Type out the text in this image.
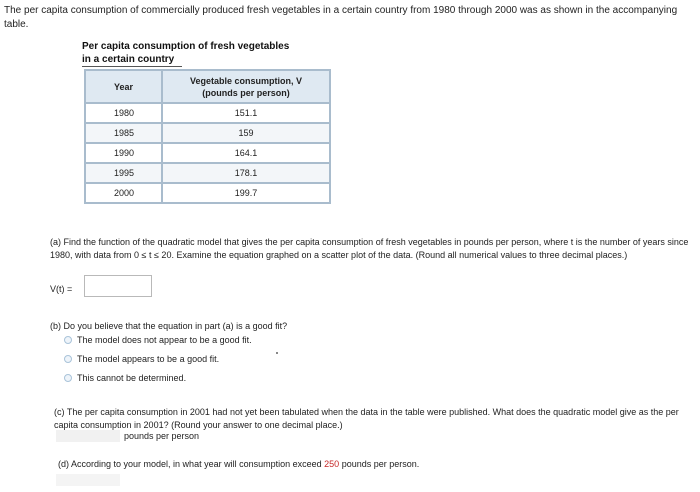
The per capita consumption of commercially produced fresh vegetables in a certain country from 1980 through 2000 was as shown in the accompanying table.
Per capita consumption of fresh vegetables
in a certain country
Year	Vegetable consumption, V
(pounds per person)

1980	151.1
1985	159
1990	164.1
1995	178.1
2000	199.7
(a) Find the function of the quadratic model that gives the per capita consumption of fresh vegetables in pounds per person, where t is the number of years since 1980, with data from 0 ≤ t ≤ 20. Examine the equation graphed on a scatter plot of the data. (Round all numerical values to three decimal places.)
V(t) =
(b) Do you believe that the equation in part (a) is a good fit?
The model does not appear to be a good fit.
The model appears to be a good fit.
This cannot be determined.
(c) The per capita consumption in 2001 had not yet been tabulated when the data in the table were published. What does the quadratic model give as the per capita consumption in 2001? (Round your answer to one decimal place.)
pounds per person
(d) According to your model, in what year will consumption exceed 250 pounds per person.
